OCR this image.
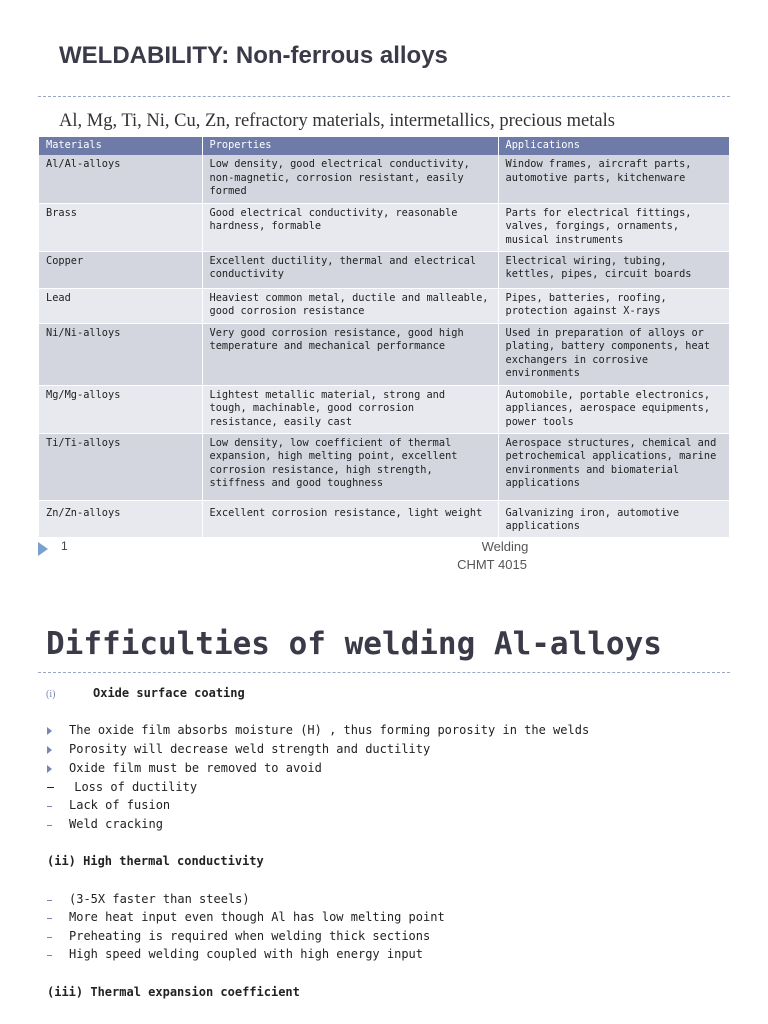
WELDABILITY: Non-ferrous alloys
Al, Mg, Ti, Ni, Cu, Zn, refractory materials, intermetallics, precious metals
Materials	Properties	Applications
Al/Al-alloys	Low density, good electrical conductivity,
non-magnetic, corrosion resistant, easily
formed	Window frames, aircraft parts,
automotive parts, kitchenware
Brass	Good electrical conductivity, reasonable
hardness, formable	Parts for electrical fittings,
valves, forgings, ornaments,
musical instruments
Copper	Excellent ductility, thermal and electrical
conductivity	Electrical wiring, tubing,
kettles, pipes, circuit boards
Lead	Heaviest common metal, ductile and malleable,
good corrosion resistance	Pipes, batteries, roofing,
protection against X-rays
Ni/Ni-alloys	Very good corrosion resistance, good high
temperature and mechanical performance	Used in preparation of alloys or
plating, battery components, heat
exchangers in corrosive
environments
Mg/Mg-alloys	Lightest metallic material, strong and
tough, machinable, good corrosion
resistance, easily cast	Automobile, portable electronics,
appliances, aerospace equipments,
power tools
Ti/Ti-alloys	Low density, low coefficient of thermal
expansion, high melting point, excellent
corrosion resistance, high strength,
stiffness and good toughness	Aerospace structures, chemical and
petrochemical applications, marine
environments and biomaterial
applications
Zn/Zn-alloys	Excellent corrosion resistance, light weight	Galvanizing iron, automotive
applications
1	Welding
CHMT 4015
Difficulties of welding Al-alloys
(i)	Oxide surface coating
The oxide film absorbs moisture (H) , thus forming porosity in the welds
Porosity will decrease weld strength and ductility
Oxide film must be removed to avoid
Loss of ductility
Lack of fusion
Weld cracking
(ii) High thermal conductivity
(3-5X faster than steels)
More heat input even though Al has low melting point
Preheating is required when welding thick sections
High speed welding coupled with high energy input
(iii) Thermal expansion coefficient
